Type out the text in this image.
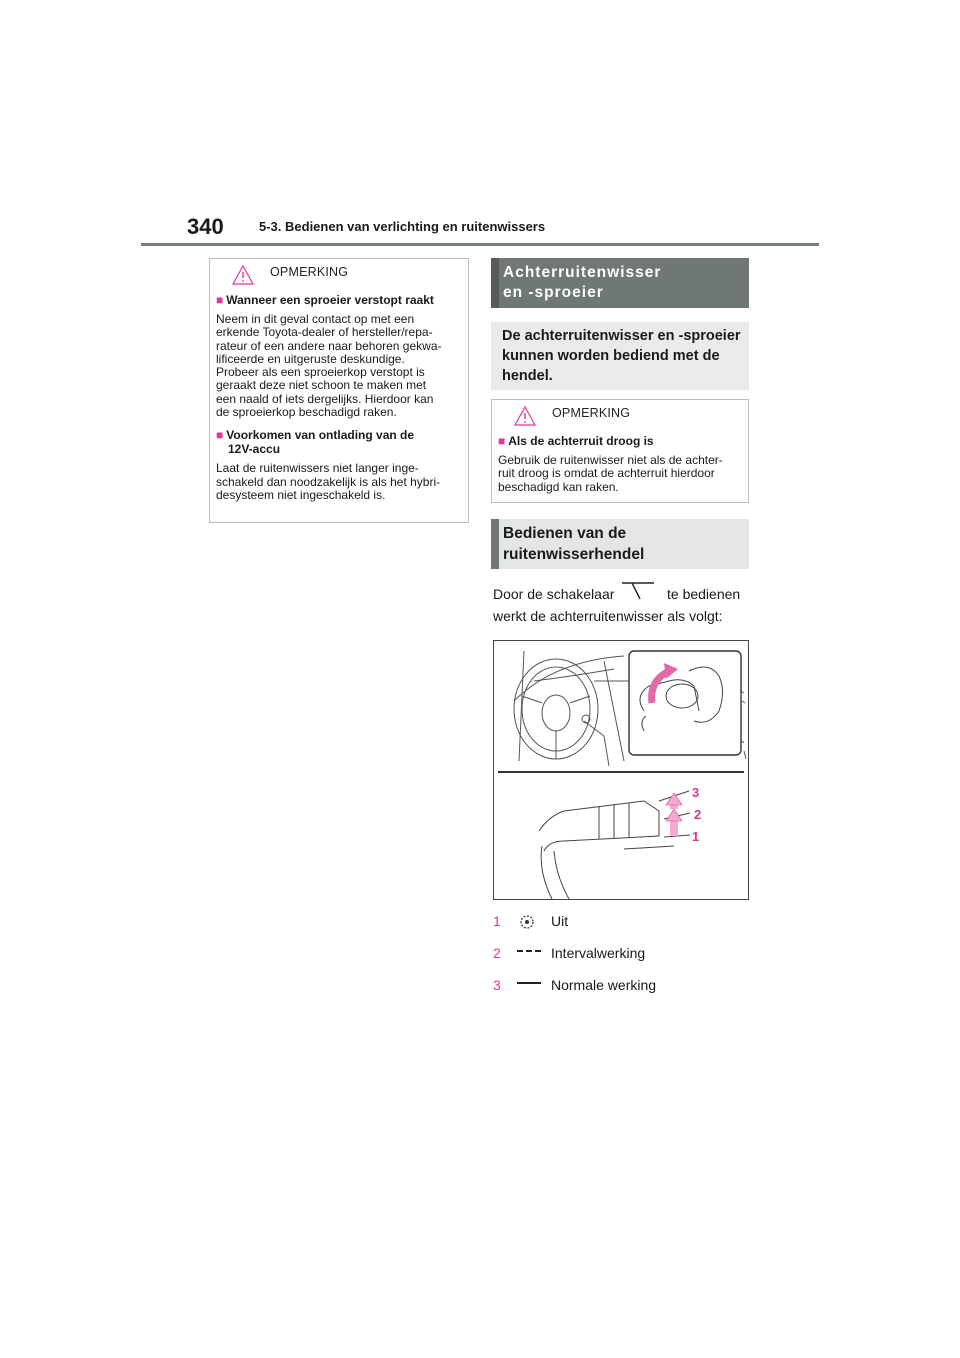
340	5-3. Bedienen van verlichting en ruitenwissers
OPMERKING
■ Wanneer een sproeier verstopt raakt
Neem in dit geval contact op met een
erkende Toyota-dealer of hersteller/repa-
rateur of een andere naar behoren gekwa-
lificeerde en uitgeruste deskundige.
Probeer als een sproeierkop verstopt is
geraakt deze niet schoon te maken met
een naald of iets dergelijks. Hierdoor kan
de sproeierkop beschadigd raken.
■ Voorkomen van ontlading van de
12V-accu
Laat de ruitenwissers niet langer inge-
schakeld dan noodzakelijk is als het hybri-
desysteem niet ingeschakeld is.
Achterruitenwisser
en -sproeier
De achterruitenwisser en -sproeier
kunnen worden bediend met de
hendel.
OPMERKING
■ Als de achterruit droog is
Gebruik de ruitenwisser niet als de achter-
ruit droog is omdat de achterruit hierdoor
beschadigd kan raken.
Bedienen van de
ruitenwisserhendel
Door de schakelaar	te bedienen
werkt de achterruitenwisser als volgt:
3
2
1
1	Uit
2	Intervalwerking
3	Normale werking
